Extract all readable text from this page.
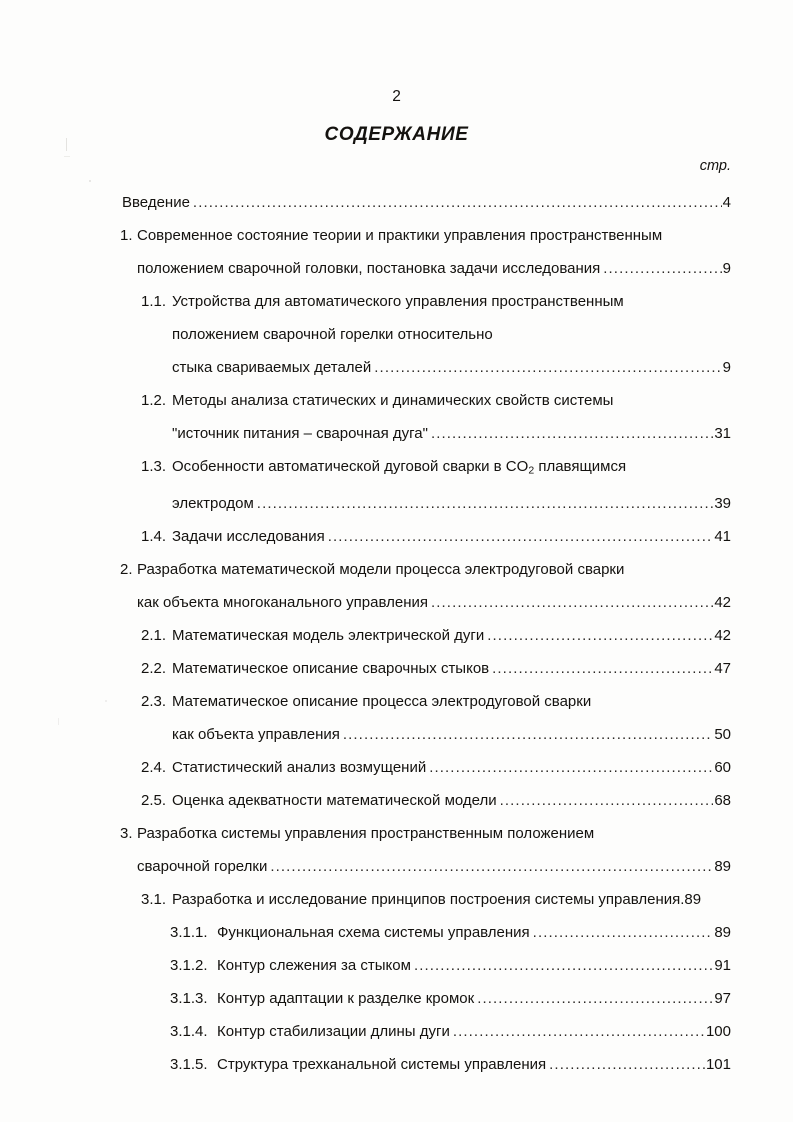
2
СОДЕРЖАНИЕ
стр.
Введение .....	4
1. Современное состояние теории и практики управления пространственным
положением сварочной головки, постановка задачи исследования .....	9
1.1. Устройства для автоматического управления пространственным
положением сварочной горелки относительно
стыка свариваемых деталей .....	9
1.2. Методы анализа статических и динамических свойств системы
"источник питания – сварочная дуга" .....	31
1.3. Особенности автоматической дуговой сварки в $CO_2$ плавящимся
электродом .....	39
1.4. Задачи исследования .....	41
2. Разработка математической модели процесса электродуговой сварки
как объекта многоканального управления .....	42
2.1. Математическая модель электрической дуги .....	42
2.2. Математическое описание сварочных стыков .....	47
2.3. Математическое описание процесса электродуговой сварки
как объекта управления .....	50
2.4. Статистический анализ возмущений .....	60
2.5. Оценка адекватности математической модели .....	68
3. Разработка системы управления пространственным положением
сварочной горелки .....	89
3.1. Разработка и исследование принципов построения системы управления . 89
3.1.1. Функциональная схема системы управления .....	89
3.1.2. Контур слежения за стыком .....	91
3.1.3. Контур адаптации к разделке кромок .....	97
3.1.4. Контур стабилизации длины дуги .....	100
3.1.5. Структура трехканальной системы управления .....	101
